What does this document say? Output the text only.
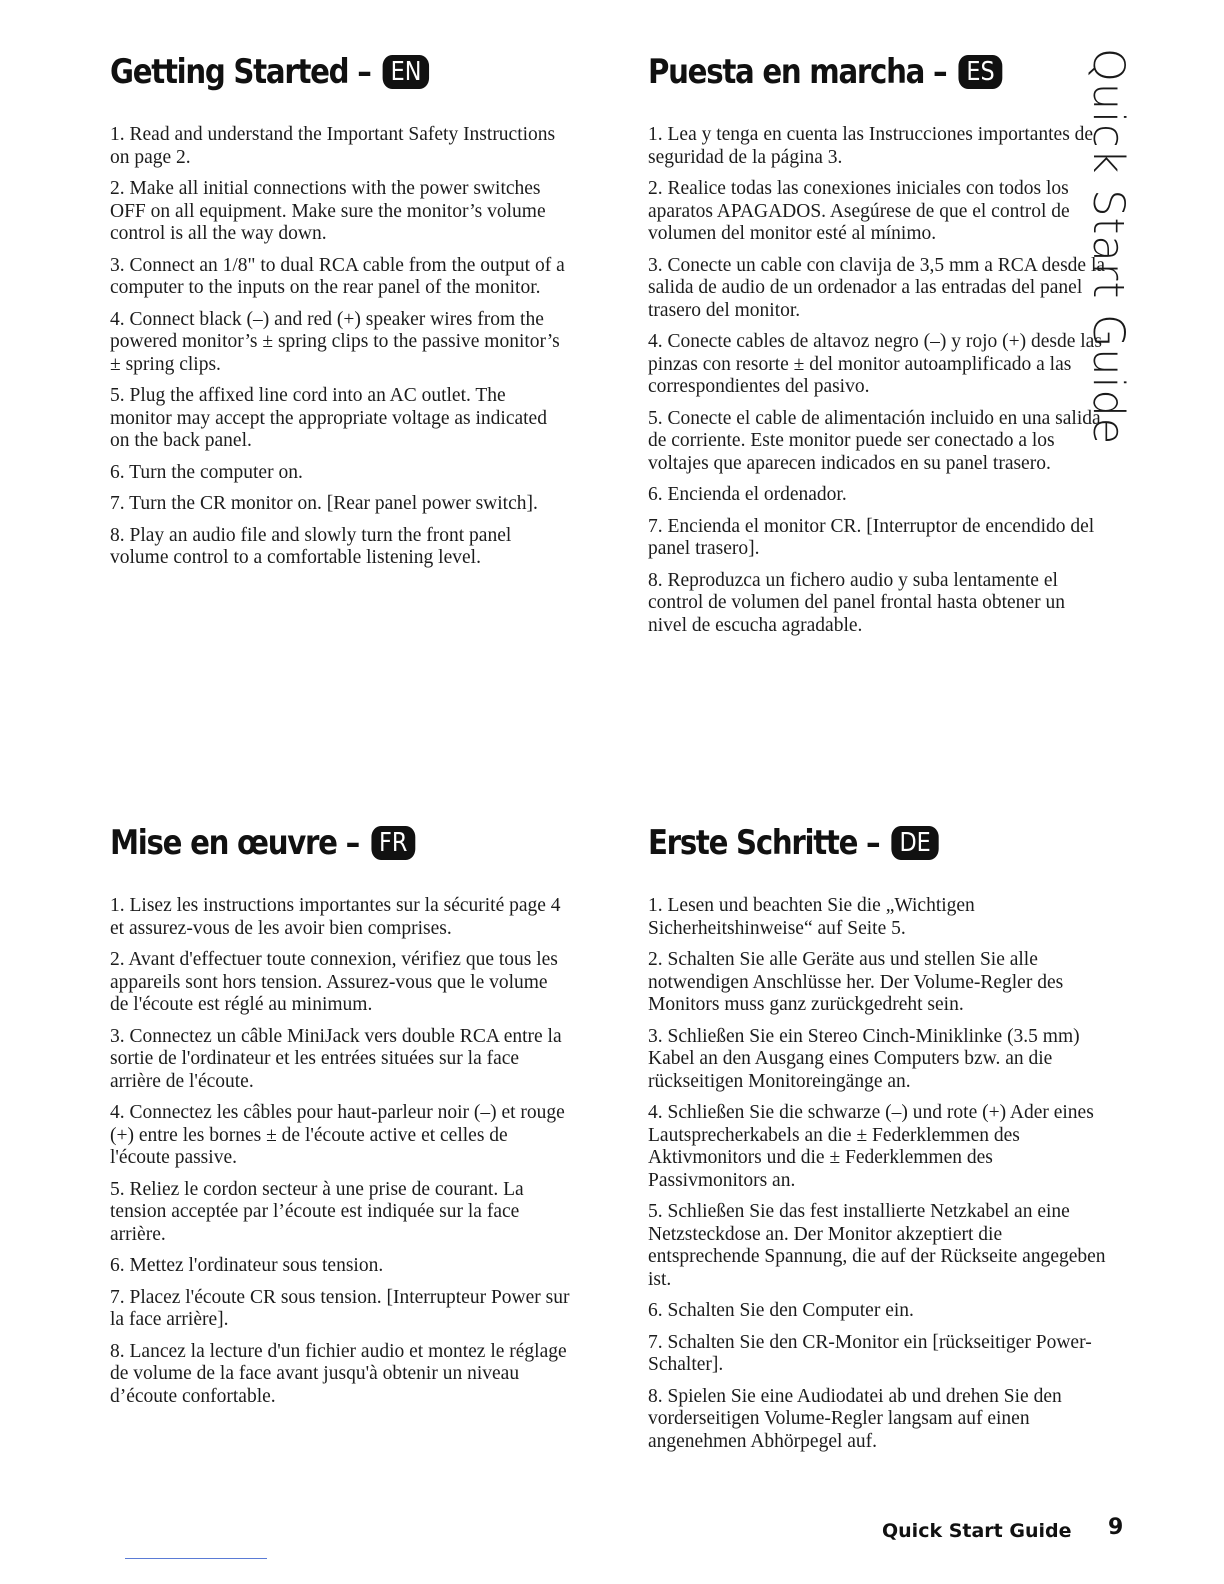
Getting Started – EN
1. Read and understand the Important Safety Instructions on page 2.
2. Make all initial connections with the power switches OFF on all equipment. Make sure the monitor’s volume control is all the way down.
3. Connect an 1/8" to dual RCA cable from the output of a computer to the inputs on the rear panel of the monitor.
4. Connect black (–) and red (+) speaker wires from the powered monitor’s ± spring clips to the passive monitor’s ± spring clips.
5. Plug the affixed line cord into an AC outlet. The monitor may accept the appropriate voltage as indicated on the back panel.
6. Turn the computer on.
7. Turn the CR monitor on. [Rear panel power switch].
8. Play an audio file and slowly turn the front panel volume control to a comfortable listening level.
Puesta en marcha – ES
1. Lea y tenga en cuenta las Instrucciones importantes de seguridad de la página 3.
2. Realice todas las conexiones iniciales con todos los aparatos APAGADOS. Asegúrese de que el control de volumen del monitor esté al mínimo.
3. Conecte un cable con clavija de 3,5 mm a RCA desde la salida de audio de un ordenador a las entradas del panel trasero del monitor.
4. Conecte cables de altavoz negro (–) y rojo (+) desde las pinzas con resorte ± del monitor autoamplificado a las correspondientes del pasivo.
5. Conecte el cable de alimentación incluido en una salida de corriente. Este monitor puede ser conectado a los voltajes que aparecen indicados en su panel trasero.
6. Encienda el ordenador.
7. Encienda el monitor CR. [Interruptor de encendido del panel trasero].
8. Reproduzca un fichero audio y suba lentamente el control de volumen del panel frontal hasta obtener un nivel de escucha agradable.
Mise en œuvre – FR
1. Lisez les instructions importantes sur la sécurité page 4 et assurez-vous de les avoir bien comprises.
2. Avant d'effectuer toute connexion, vérifiez que tous les appareils sont hors tension. Assurez-vous que le volume de l'écoute est réglé au minimum.
3. Connectez un câble MiniJack vers double RCA entre la sortie de l'ordinateur et les entrées situées sur la face arrière de l'écoute.
4. Connectez les câbles pour haut-parleur noir (–) et rouge (+) entre les bornes ± de l'écoute active et celles de l'écoute passive.
5. Reliez le cordon secteur à une prise de courant. La tension acceptée par l’écoute est indiquée sur la face arrière.
6. Mettez l'ordinateur sous tension.
7. Placez l'écoute CR sous tension. [Interrupteur Power sur la face arrière].
8. Lancez la lecture d'un fichier audio et montez le réglage de volume de la face avant jusqu'à obtenir un niveau d’écoute confortable.
Erste Schritte – DE
1. Lesen und beachten Sie die „Wichtigen Sicherheitshinweise“ auf Seite 5.
2. Schalten Sie alle Geräte aus und stellen Sie alle notwendigen Anschlüsse her. Der Volume-Regler des Monitors muss ganz zurückgedreht sein.
3. Schließen Sie ein Stereo Cinch-Miniklinke (3.5 mm) Kabel an den Ausgang eines Computers bzw. an die rückseitigen Monitoreingänge an.
4. Schließen Sie die schwarze (–) und rote (+) Ader eines Lautsprecherkabels an die ± Federklemmen des Aktivmonitors und die ± Federklemmen des Passivmonitors an.
5. Schließen Sie das fest installierte Netzkabel an eine Netzsteckdose an. Der Monitor akzeptiert die entsprechende Spannung, die auf der Rückseite angegeben ist.
6. Schalten Sie den Computer ein.
7. Schalten Sie den CR-Monitor ein [rückseitiger Power-Schalter].
8. Spielen Sie eine Audiodatei ab und drehen Sie den vorderseitigen Volume-Regler langsam auf einen angenehmen Abhörpegel auf.
Quick Start Guide
Quick Start Guide 9
